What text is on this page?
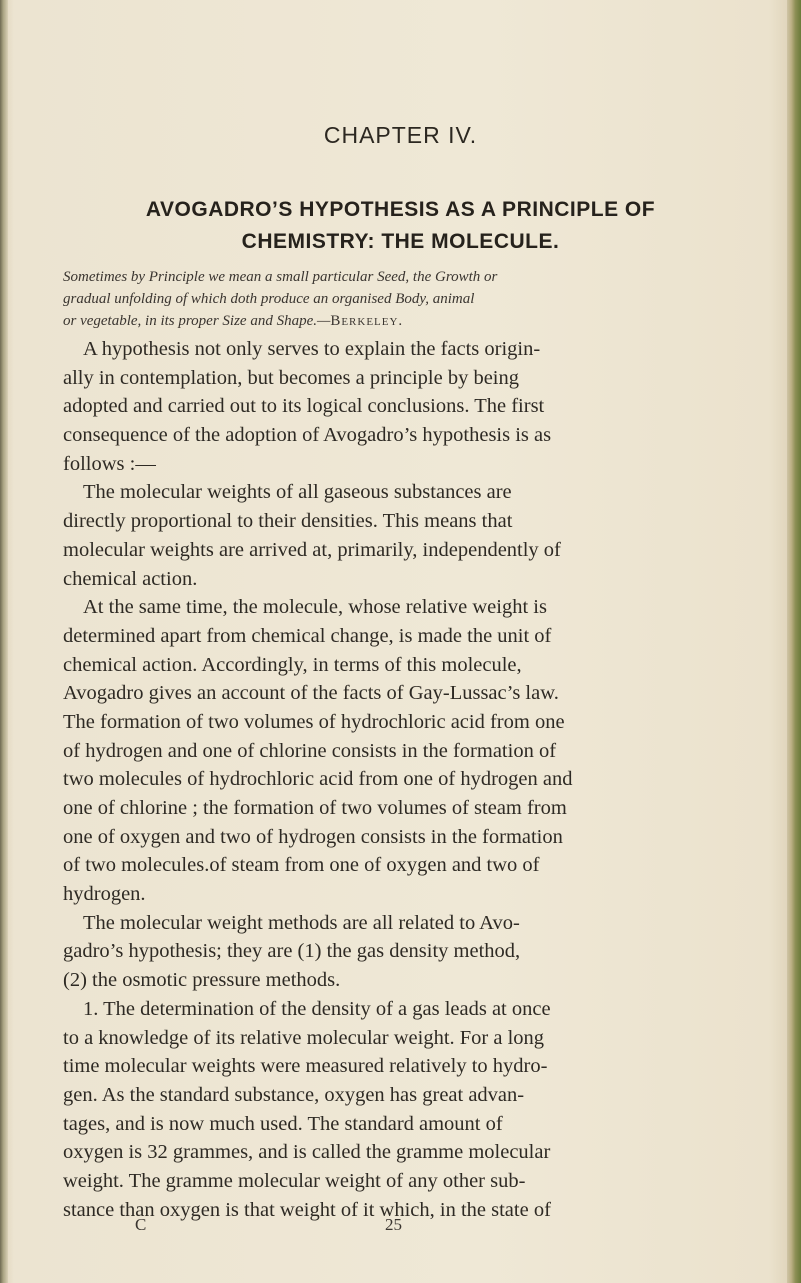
CHAPTER IV.
AVOGADRO’S HYPOTHESIS AS A PRINCIPLE OF
CHEMISTRY: THE MOLECULE.
Sometimes by Principle we mean a small particular Seed, the Growth or
gradual unfolding of which doth produce an organised Body, animal
or vegetable, in its proper Size and Shape.—Berkeley.
A hypothesis not only serves to explain the facts origin-
ally in contemplation, but becomes a principle by being
adopted and carried out to its logical conclusions. The first
consequence of the adoption of Avogadro’s hypothesis is as
follows :—
The molecular weights of all gaseous substances are
directly proportional to their densities. This means that
molecular weights are arrived at, primarily, independently of
chemical action.
At the same time, the molecule, whose relative weight is
determined apart from chemical change, is made the unit of
chemical action. Accordingly, in terms of this molecule,
Avogadro gives an account of the facts of Gay-Lussac’s law.
The formation of two volumes of hydrochloric acid from one
of hydrogen and one of chlorine consists in the formation of
two molecules of hydrochloric acid from one of hydrogen and
one of chlorine ; the formation of two volumes of steam from
one of oxygen and two of hydrogen consists in the formation
of two molecules.of steam from one of oxygen and two of
hydrogen.
The molecular weight methods are all related to Avo-
gadro’s hypothesis; they are (1) the gas density method,
(2) the osmotic pressure methods.
1. The determination of the density of a gas leads at once
to a knowledge of its relative molecular weight. For a long
time molecular weights were measured relatively to hydro-
gen. As the standard substance, oxygen has great advan-
tages, and is now much used. The standard amount of
oxygen is 32 grammes, and is called the gramme molecular
weight. The gramme molecular weight of any other sub-
stance than oxygen is that weight of it which, in the state of
C	25
